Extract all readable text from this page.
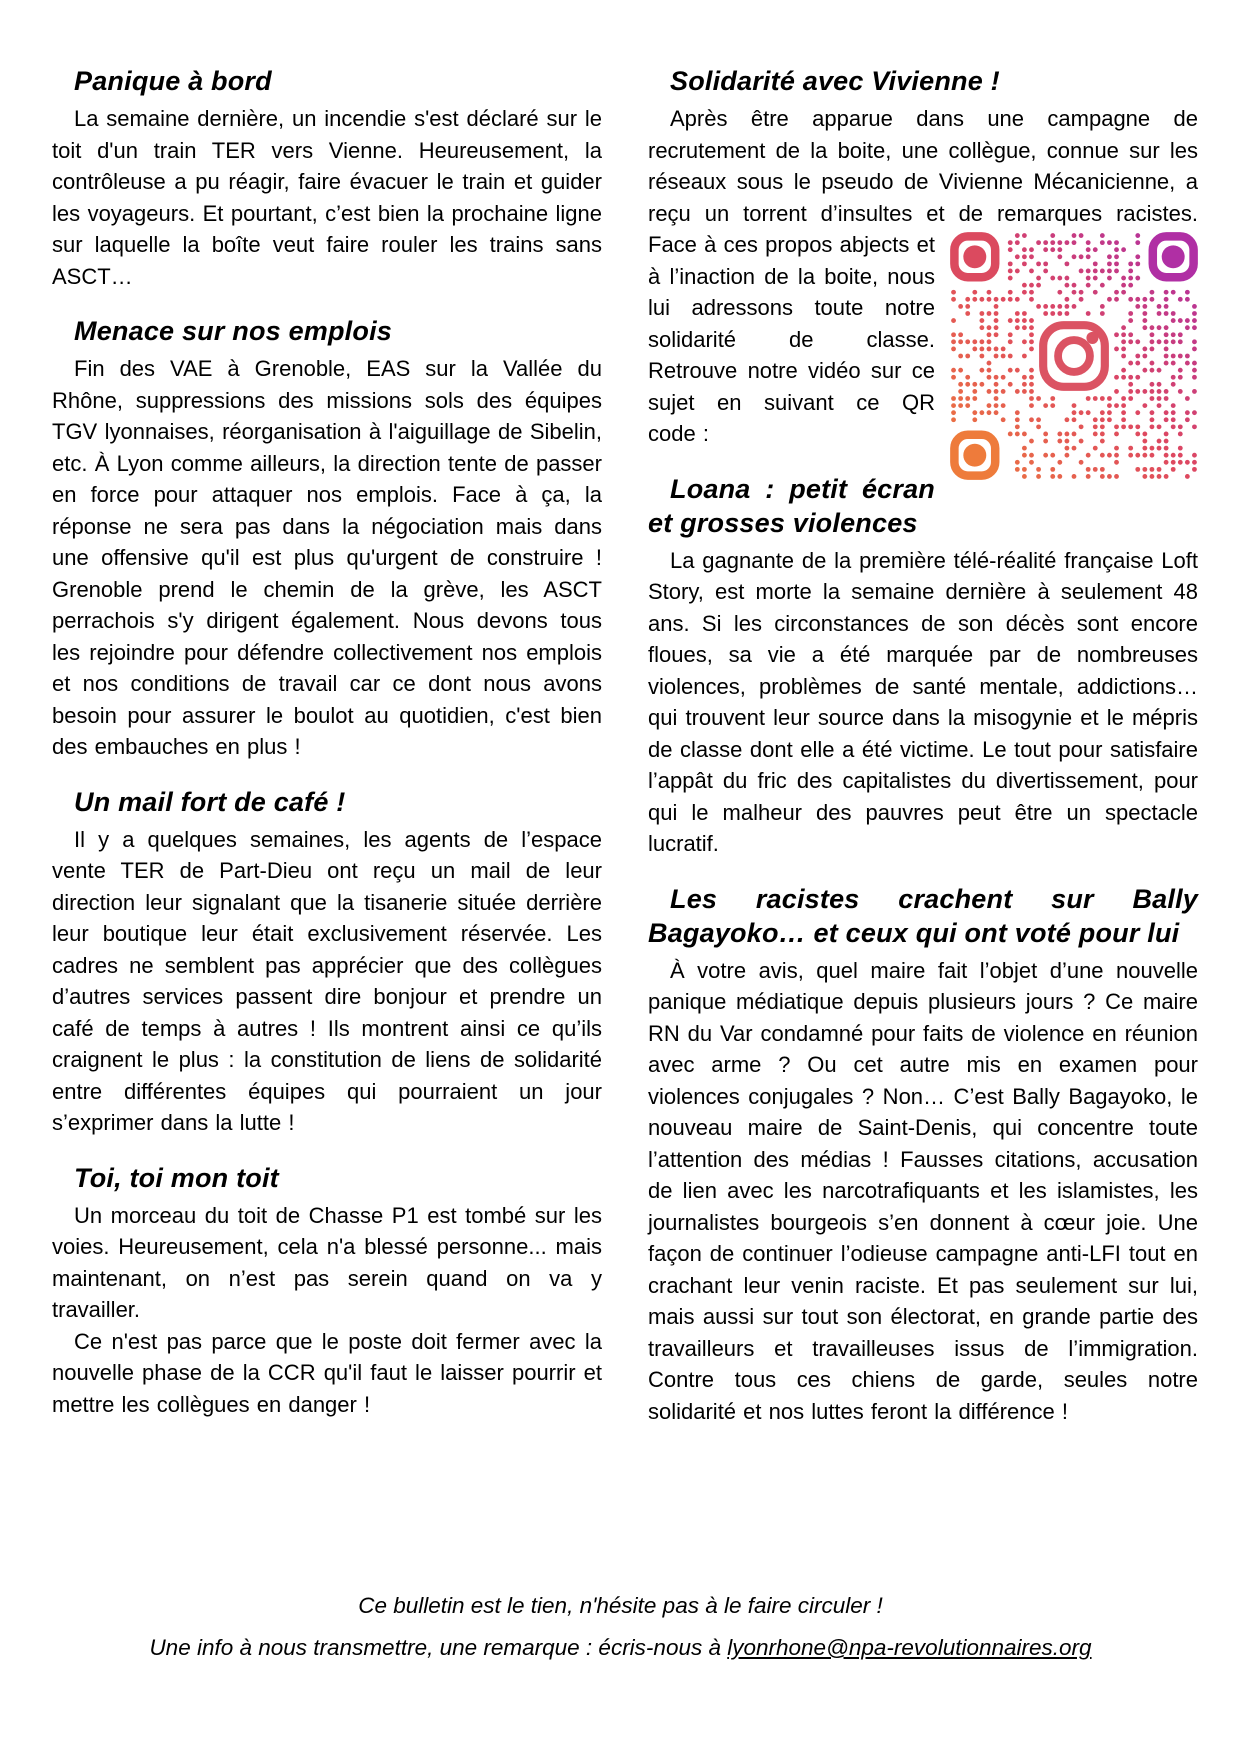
Panique à bord

La semaine dernière, un incendie s'est déclaré sur le toit d'un train TER vers Vienne. Heureusement, la contrôleuse a pu réagir, faire évacuer le train et guider les voyageurs. Et pourtant, c’est bien la prochaine ligne sur laquelle la boîte veut faire rouler les trains sans ASCT…

Menace sur nos emplois

Fin des VAE à Grenoble, EAS sur la Vallée du Rhône, suppressions des missions sols des équipes TGV lyonnaises, réorganisation à l'aiguillage de Sibelin, etc. À Lyon comme ailleurs, la direction tente de passer en force pour attaquer nos emplois. Face à ça, la réponse ne sera pas dans la négociation mais dans une offensive qu'il est plus qu'urgent de construire ! Grenoble prend le chemin de la grève, les ASCT perrachois s'y dirigent également. Nous devons tous les rejoindre pour défendre collectivement nos emplois et nos conditions de travail car ce dont nous avons besoin pour assurer le boulot au quotidien, c'est bien des embauches en plus !

Un mail fort de café !

Il y a quelques semaines, les agents de l’espace vente TER de Part-Dieu ont reçu un mail de leur direction leur signalant que la tisanerie située derrière leur boutique leur était exclusivement réservée. Les cadres ne semblent pas apprécier que des collègues d’autres services passent dire bonjour et prendre un café de temps à autres ! Ils montrent ainsi ce qu’ils craignent le plus : la constitution de liens de solidarité entre différentes équipes qui pourraient un jour s’exprimer dans la lutte !

Toi, toi mon toit

Un morceau du toit de Chasse P1 est tombé sur les voies. Heureusement, cela n'a blessé personne... mais maintenant, on n’est pas serein quand on va y travailler.

Ce n'est pas parce que le poste doit fermer avec la nouvelle phase de la CCR qu'il faut le laisser pourrir et mettre les collègues en danger !

Solidarité avec Vivienne !

Après être apparue dans une campagne de recrutement de la boite, une collègue, connue sur les réseaux sous le pseudo de Vivienne Mécanicienne, a reçu un torrent d’insultes et de remarques racistes. Face à ces propos abjects et à l’inaction de la boite, nous lui adressons toute notre solidarité de classe. Retrouve notre vidéo sur ce sujet en suivant ce QR code :

Loana : petit écran et grosses violences

La gagnante de la première télé-réalité française Loft Story, est morte la semaine dernière à seulement 48 ans. Si les circonstances de son décès sont encore floues, sa vie a été marquée par de nombreuses violences, problèmes de santé mentale, addictions… qui trouvent leur source dans la misogynie et le mépris de classe dont elle a été victime. Le tout pour satisfaire l’appât du fric des capitalistes du divertissement, pour qui le malheur des pauvres peut être un spectacle lucratif.

Les racistes crachent sur Bally Bagayoko… et ceux qui ont voté pour lui

À votre avis, quel maire fait l’objet d’une nouvelle panique médiatique depuis plusieurs jours ? Ce maire RN du Var condamné pour faits de violence en réunion avec arme ? Ou cet autre mis en examen pour violences conjugales ? Non… C’est Bally Bagayoko, le nouveau maire de Saint-Denis, qui concentre toute l’attention des médias ! Fausses citations, accusation de lien avec les narcotrafiquants et les islamistes, les journalistes bourgeois s’en donnent à cœur joie. Une façon de continuer l’odieuse campagne anti-LFI tout en crachant leur venin raciste. Et pas seulement sur lui, mais aussi sur tout son électorat, en grande partie des travailleurs et travailleuses issus de l’immigration. Contre tous ces chiens de garde, seules notre solidarité et nos luttes feront la différence !

Ce bulletin est le tien, n'hésite pas à le faire circuler !
Une info à nous transmettre, une remarque : écris-nous à lyonrhone@npa-revolutionnaires.org
